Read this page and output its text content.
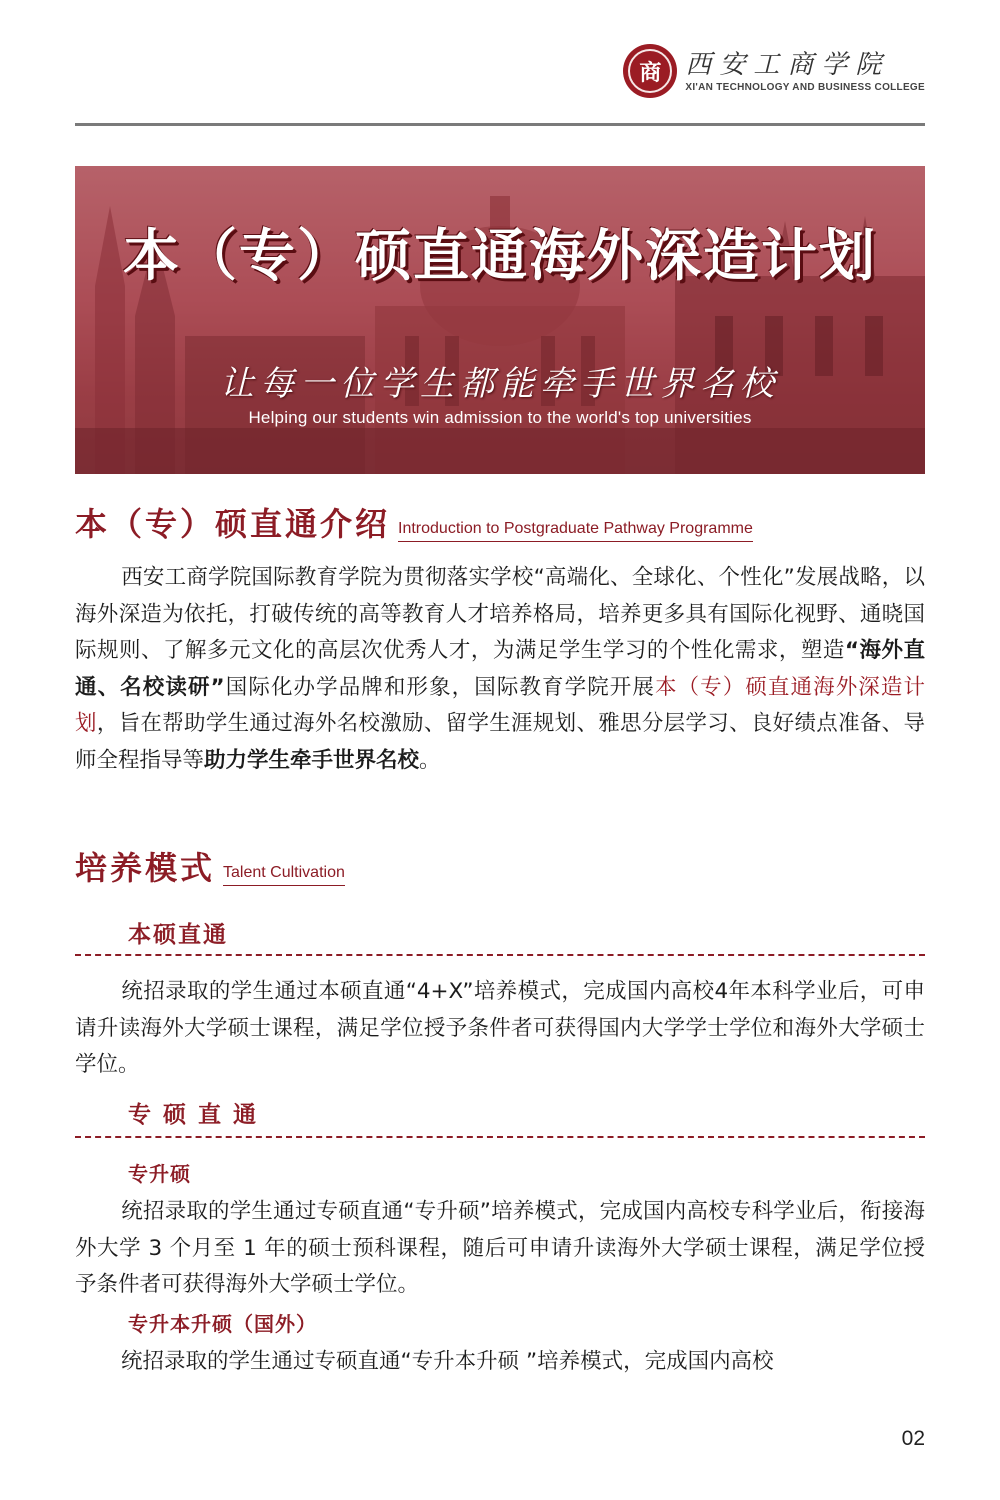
商 西安工商学院
XI'AN TECHNOLOGY AND BUSINESS COLLEGE
本（专）硕直通海外深造计划
让每一位学生都能牵手世界名校
Helping our students win admission to the world's top universities
本（专）硕直通介绍 Introduction to Postgraduate Pathway Programme
西安工商学院国际教育学院为贯彻落实学校“高端化、全球化、个性化”发展战略，以海外深造为依托，打破传统的高等教育人才培养格局，培养更多具有国际化视野、通晓国际规则、了解多元文化的高层次优秀人才，为满足学生学习的个性化需求，塑造“海外直通、名校读研”国际化办学品牌和形象，国际教育学院开展本（专）硕直通海外深造计划，旨在帮助学生通过海外名校激励、留学生涯规划、雅思分层学习、良好绩点准备、导师全程指导等助力学生牵手世界名校。
培养模式 Talent Cultivation
本硕直通
统招录取的学生通过本硕直通“4+X”培养模式，完成国内高校4年本科学业后，可申请升读海外大学硕士课程，满足学位授予条件者可获得国内大学学士学位和海外大学硕士学位。
专 硕 直 通
专升硕
统招录取的学生通过专硕直通“专升硕”培养模式，完成国内高校专科学业后，衔接海外大学 3 个月至 1 年的硕士预科课程，随后可申请升读海外大学硕士课程，满足学位授予条件者可获得海外大学硕士学位。
专升本升硕（国外）
统招录取的学生通过专硕直通“专升本升硕 ”培养模式，完成国内高校
02
